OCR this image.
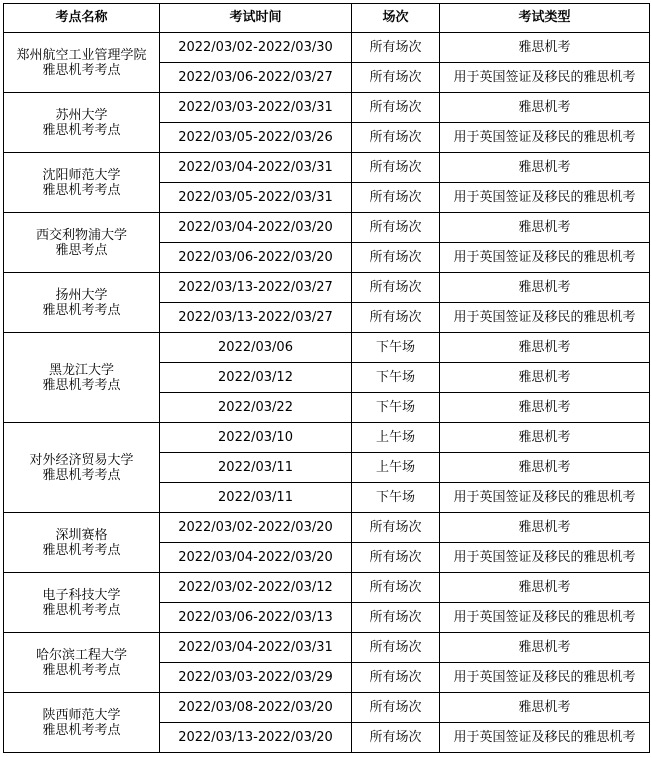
考点名称	考试时间	场次	考试类型

郑州航空工业管理学院
雅思机考考点	2022/03/02-2022/03/30	所有场次	雅思机考
	2022/03/06-2022/03/27	所有场次	用于英国签证及移民的雅思机考

苏州大学
雅思机考考点	2022/03/03-2022/03/31	所有场次	雅思机考
	2022/03/05-2022/03/26	所有场次	用于英国签证及移民的雅思机考

沈阳师范大学
雅思机考考点	2022/03/04-2022/03/31	所有场次	雅思机考
	2022/03/05-2022/03/31	所有场次	用于英国签证及移民的雅思机考

西交利物浦大学
雅思考点	2022/03/04-2022/03/20	所有场次	雅思机考
	2022/03/06-2022/03/20	所有场次	用于英国签证及移民的雅思机考

扬州大学
雅思机考考点	2022/03/13-2022/03/27	所有场次	雅思机考
	2022/03/13-2022/03/27	所有场次	用于英国签证及移民的雅思机考

黑龙江大学
雅思机考考点	2022/03/06	下午场	雅思机考
	2022/03/12	下午场	雅思机考
	2022/03/22	下午场	雅思机考

对外经济贸易大学
雅思机考考点	2022/03/10	上午场	雅思机考
	2022/03/11	上午场	雅思机考
	2022/03/11	下午场	用于英国签证及移民的雅思机考

深圳赛格
雅思机考考点	2022/03/02-2022/03/20	所有场次	雅思机考
	2022/03/04-2022/03/20	所有场次	用于英国签证及移民的雅思机考

电子科技大学
雅思机考考点	2022/03/02-2022/03/12	所有场次	雅思机考
	2022/03/06-2022/03/13	所有场次	用于英国签证及移民的雅思机考

哈尔滨工程大学
雅思机考考点	2022/03/04-2022/03/31	所有场次	雅思机考
	2022/03/03-2022/03/29	所有场次	用于英国签证及移民的雅思机考

陕西师范大学
雅思机考考点	2022/03/08-2022/03/20	所有场次	雅思机考
	2022/03/13-2022/03/20	所有场次	用于英国签证及移民的雅思机考
